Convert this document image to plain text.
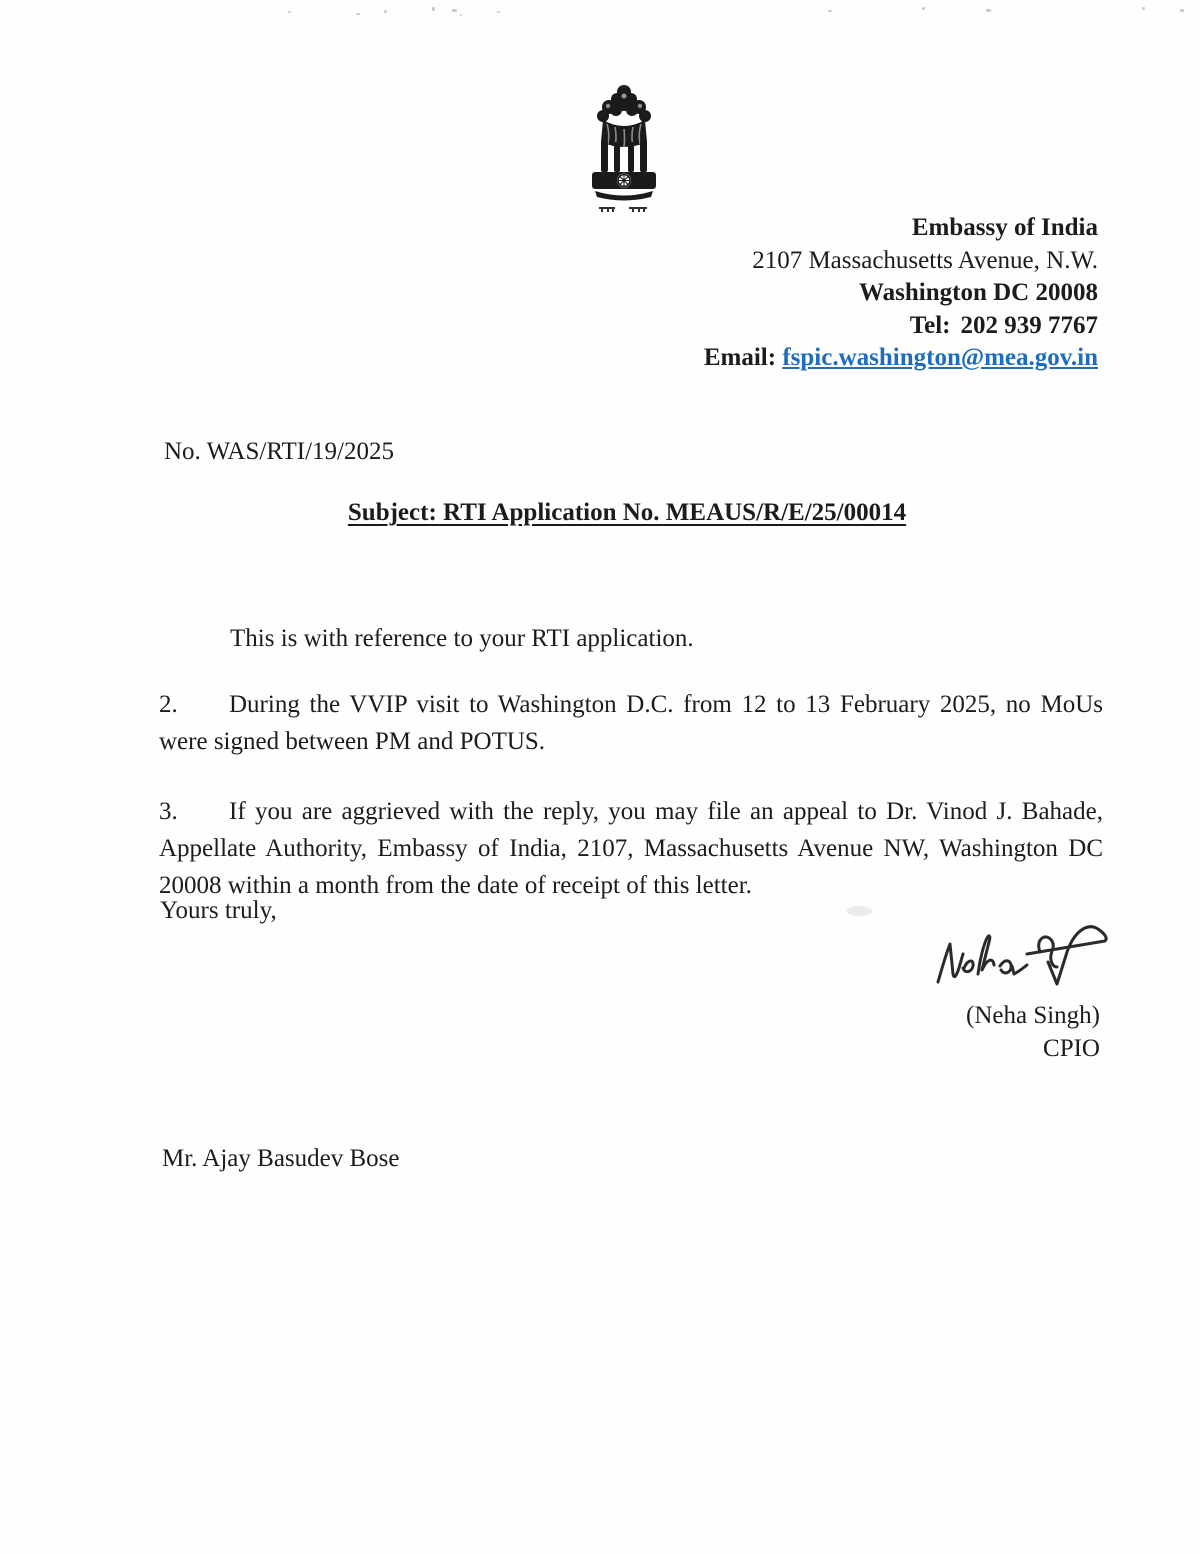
Embassy of India
2107 Massachusetts Avenue, N.W.
Washington DC 20008
Tel: 202 939 7767
Email: fspic.washington@mea.gov.in
No. WAS/RTI/19/2025
Subject: RTI Application No. MEAUS/R/E/25/00014

This is with reference to your RTI application.

2. During the VVIP visit to Washington D.C. from 12 to 13 February 2025, no MoUs were signed between PM and POTUS.

3. If you are aggrieved with the reply, you may file an appeal to Dr. Vinod J. Bahade, Appellate Authority, Embassy of India, 2107, Massachusetts Avenue NW, Washington DC 20008 within a month from the date of receipt of this letter.

Yours truly,
(Neha Singh)
CPIO
Mr. Ajay Basudev Bose
